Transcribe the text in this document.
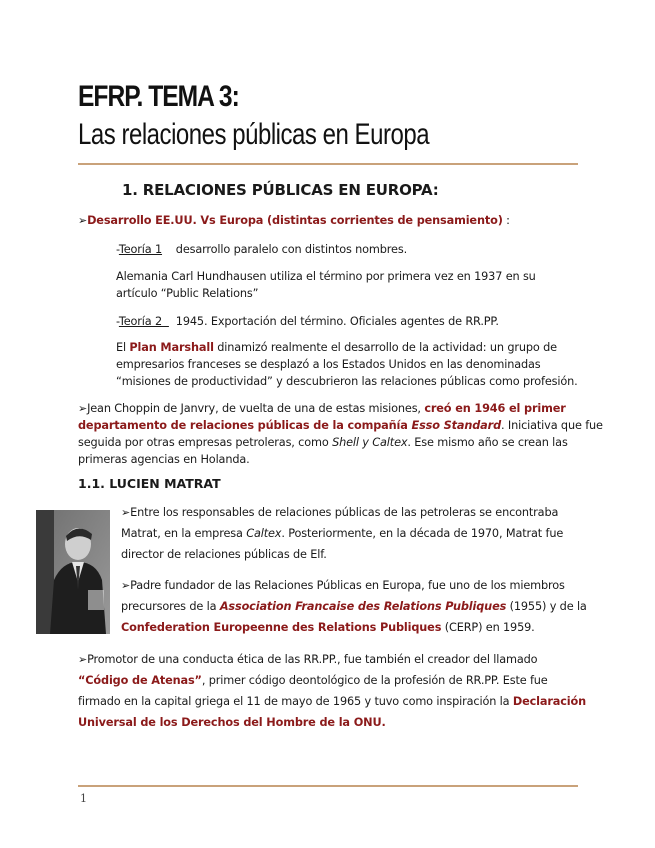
EFRP. TEMA 3:
Las relaciones públicas en Europa
1. RELACIONES PÚBLICAS EN EUROPA:
➢Desarrollo EE.UU. Vs Europa (distintas corrientes de pensamiento) :
-Teoría 1 desarrollo paralelo con distintos nombres.
Alemania Carl Hundhausen utiliza el término por primera vez en 1937 en su
artículo “Public Relations”
-Teoría 2    1945. Exportación del término. Oficiales agentes de RR.PP.
El Plan Marshall dinamizó realmente el desarrollo de la actividad: un grupo de
empresarios franceses se desplazó a los Estados Unidos en las denominadas
“misiones de productividad” y descubrieron las relaciones públicas como profesión.
➢Jean Choppin de Janvry, de vuelta de una de estas misiones, creó en 1946 el primer
departamento de relaciones públicas de la compañía Esso Standard. Iniciativa que fue
seguida por otras empresas petroleras, como Shell y Caltex. Ese mismo año se crean las
primeras agencias en Holanda.
1.1. LUCIEN MATRAT
➢Entre los responsables de relaciones públicas de las petroleras se encontraba
Matrat, en la empresa Caltex. Posteriormente, en la década de 1970, Matrat fue
director de relaciones públicas de Elf.
➢Padre fundador de las Relaciones Públicas en Europa, fue uno de los miembros
precursores de la Association Francaise des Relations Publiques (1955) y de la
Confederation Europeenne des Relations Publiques (CERP) en 1959.
➢Promotor de una conducta ética de las RR.PP., fue también el creador del llamado
“Código de Atenas”, primer código deontológico de la profesión de RR.PP. Este fue
firmado en la capital griega el 11 de mayo de 1965 y tuvo como inspiración la Declaración
Universal de los Derechos del Hombre de la ONU.
1
